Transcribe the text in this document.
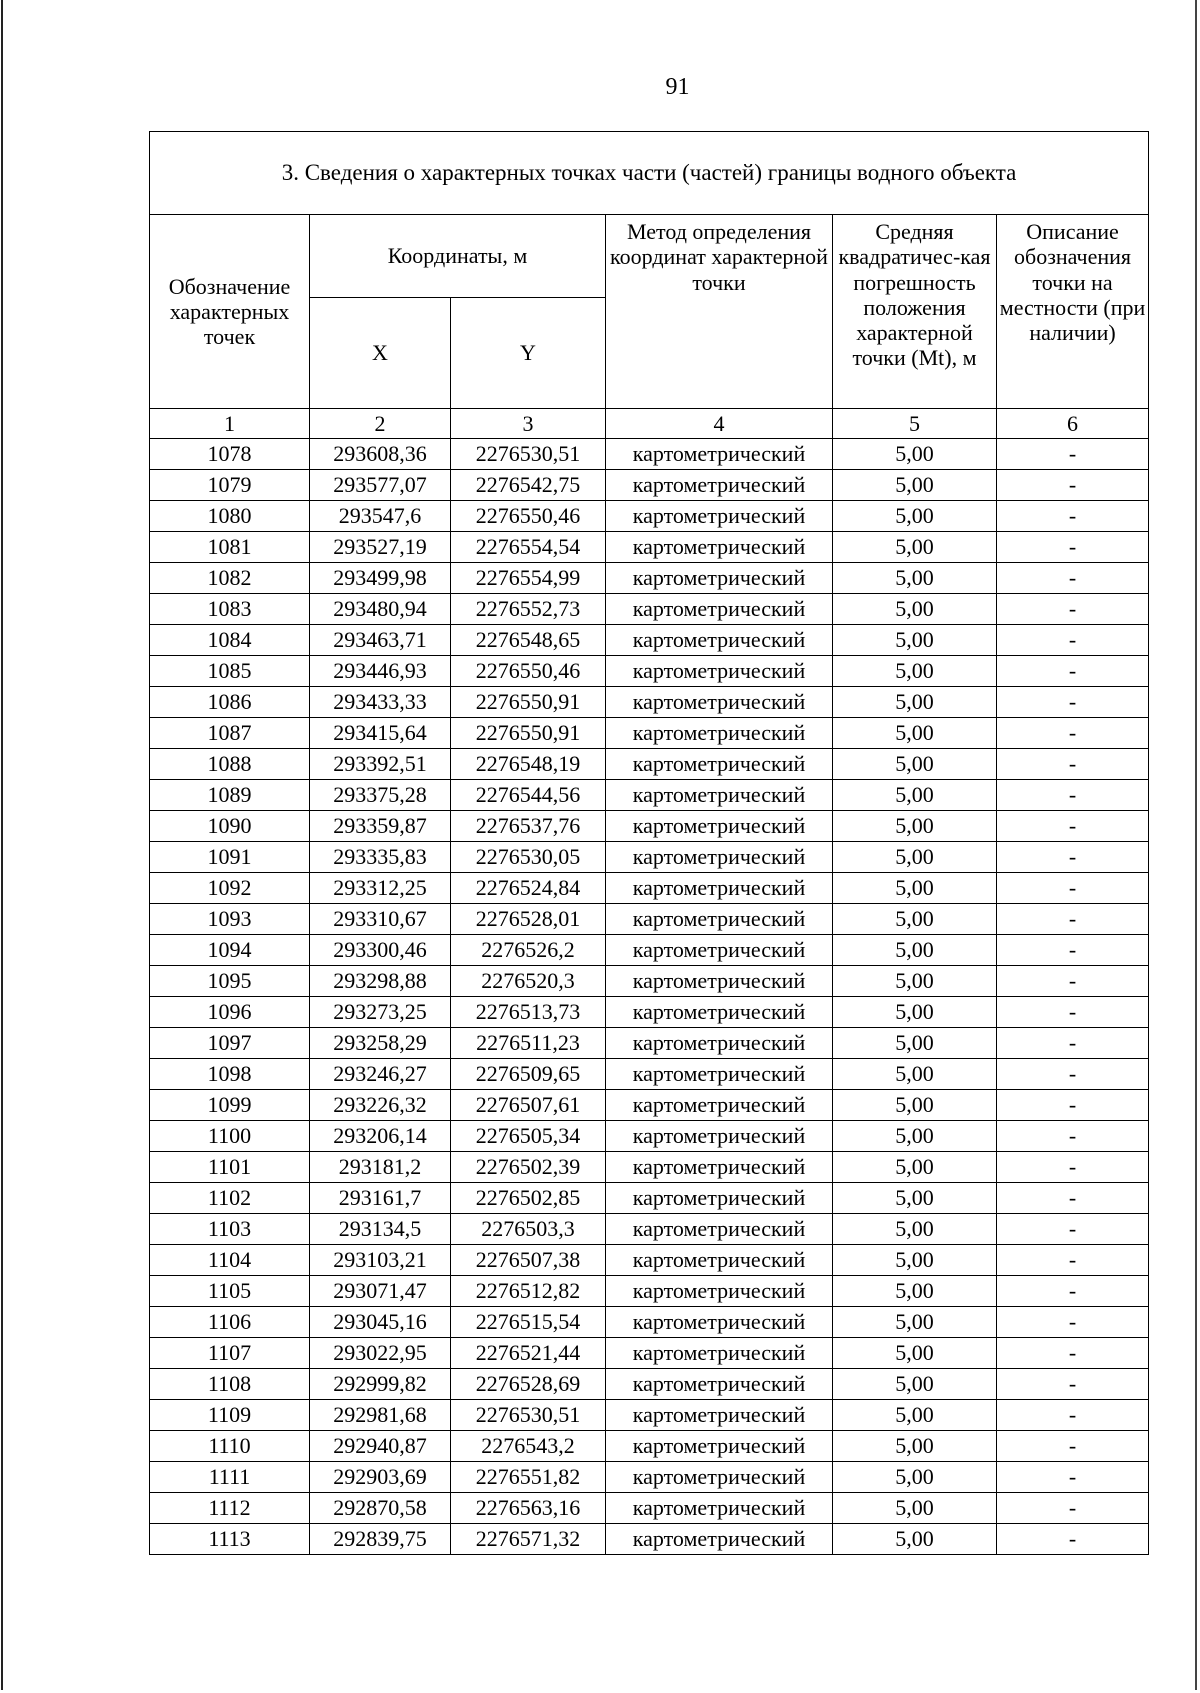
91
3. Сведения о характерных точках части (частей) границы водного объекта					

Обозначение характерных точек	Координаты, м		Метод определения координат характерной точки	Средняя квадратичес-кая погрешность положения характерной точки (Mt), м	Описание обозначения точки на местности (при наличии)

	X	Y			
1	2	3	4	5	6
1078	293608,36	2276530,51	картометрический	5,00	-
1079	293577,07	2276542,75	картометрический	5,00	-
1080	293547,6	2276550,46	картометрический	5,00	-
1081	293527,19	2276554,54	картометрический	5,00	-
1082	293499,98	2276554,99	картометрический	5,00	-
1083	293480,94	2276552,73	картометрический	5,00	-
1084	293463,71	2276548,65	картометрический	5,00	-
1085	293446,93	2276550,46	картометрический	5,00	-
1086	293433,33	2276550,91	картометрический	5,00	-
1087	293415,64	2276550,91	картометрический	5,00	-
1088	293392,51	2276548,19	картометрический	5,00	-
1089	293375,28	2276544,56	картометрический	5,00	-
1090	293359,87	2276537,76	картометрический	5,00	-
1091	293335,83	2276530,05	картометрический	5,00	-
1092	293312,25	2276524,84	картометрический	5,00	-
1093	293310,67	2276528,01	картометрический	5,00	-
1094	293300,46	2276526,2	картометрический	5,00	-
1095	293298,88	2276520,3	картометрический	5,00	-
1096	293273,25	2276513,73	картометрический	5,00	-
1097	293258,29	2276511,23	картометрический	5,00	-
1098	293246,27	2276509,65	картометрический	5,00	-
1099	293226,32	2276507,61	картометрический	5,00	-
1100	293206,14	2276505,34	картометрический	5,00	-
1101	293181,2	2276502,39	картометрический	5,00	-
1102	293161,7	2276502,85	картометрический	5,00	-
1103	293134,5	2276503,3	картометрический	5,00	-
1104	293103,21	2276507,38	картометрический	5,00	-
1105	293071,47	2276512,82	картометрический	5,00	-
1106	293045,16	2276515,54	картометрический	5,00	-
1107	293022,95	2276521,44	картометрический	5,00	-
1108	292999,82	2276528,69	картометрический	5,00	-
1109	292981,68	2276530,51	картометрический	5,00	-
1110	292940,87	2276543,2	картометрический	5,00	-
1111	292903,69	2276551,82	картометрический	5,00	-
1112	292870,58	2276563,16	картометрический	5,00	-
1113	292839,75	2276571,32	картометрический	5,00	-
